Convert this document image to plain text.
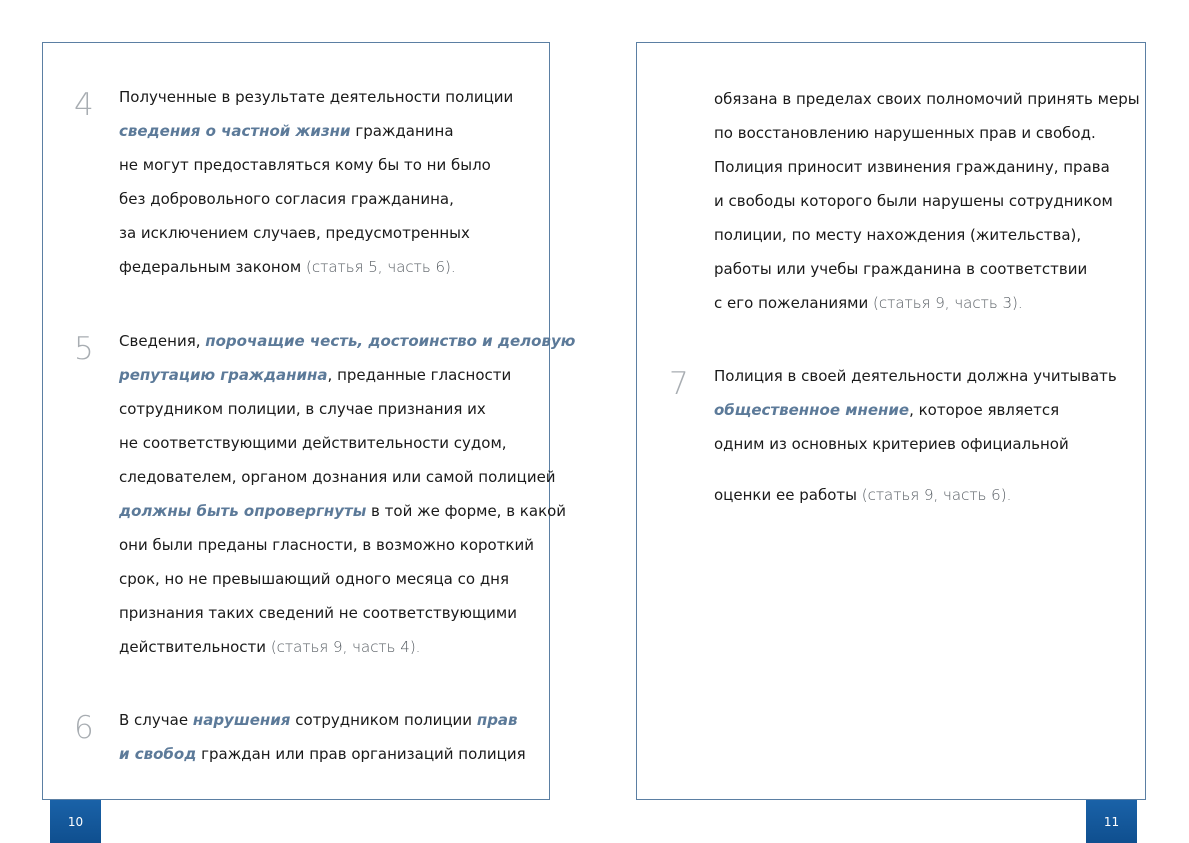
10	11
4 Полученные в результате деятельности полиции
сведения о частной жизни гражданина
не могут предоставляться кому бы то ни было
без добровольного согласия гражданина,
за исключением случаев, предусмотренных
федеральным законом (статья 5, часть 6).
5 Сведения, порочащие честь, достоинство и деловую
репутацию гражданина, преданные гласности
сотрудником полиции, в случае признания их
не соответствующими действительности судом,
следователем, органом дознания или самой полицией
должны быть опровергнуты в той же форме, в какой
они были преданы гласности, в возможно короткий
срок, но не превышающий одного месяца со дня
признания таких сведений не соответствующими
действительности (статья 9, часть 4).
6 В случае нарушения сотрудником полиции прав
и свобод граждан или прав организаций полиция
обязана в пределах своих полномочий принять меры
по восстановлению нарушенных прав и свобод.
Полиция приносит извинения гражданину, права
и свободы которого были нарушены сотрудником
полиции, по месту нахождения (жительства),
работы или учебы гражданина в соответствии
с его пожеланиями (статья 9, часть 3).
7 Полиция в своей деятельности должна учитывать
общественное мнение, которое является
одним из основных критериев официальной
оценки ее работы (статья 9, часть 6).
